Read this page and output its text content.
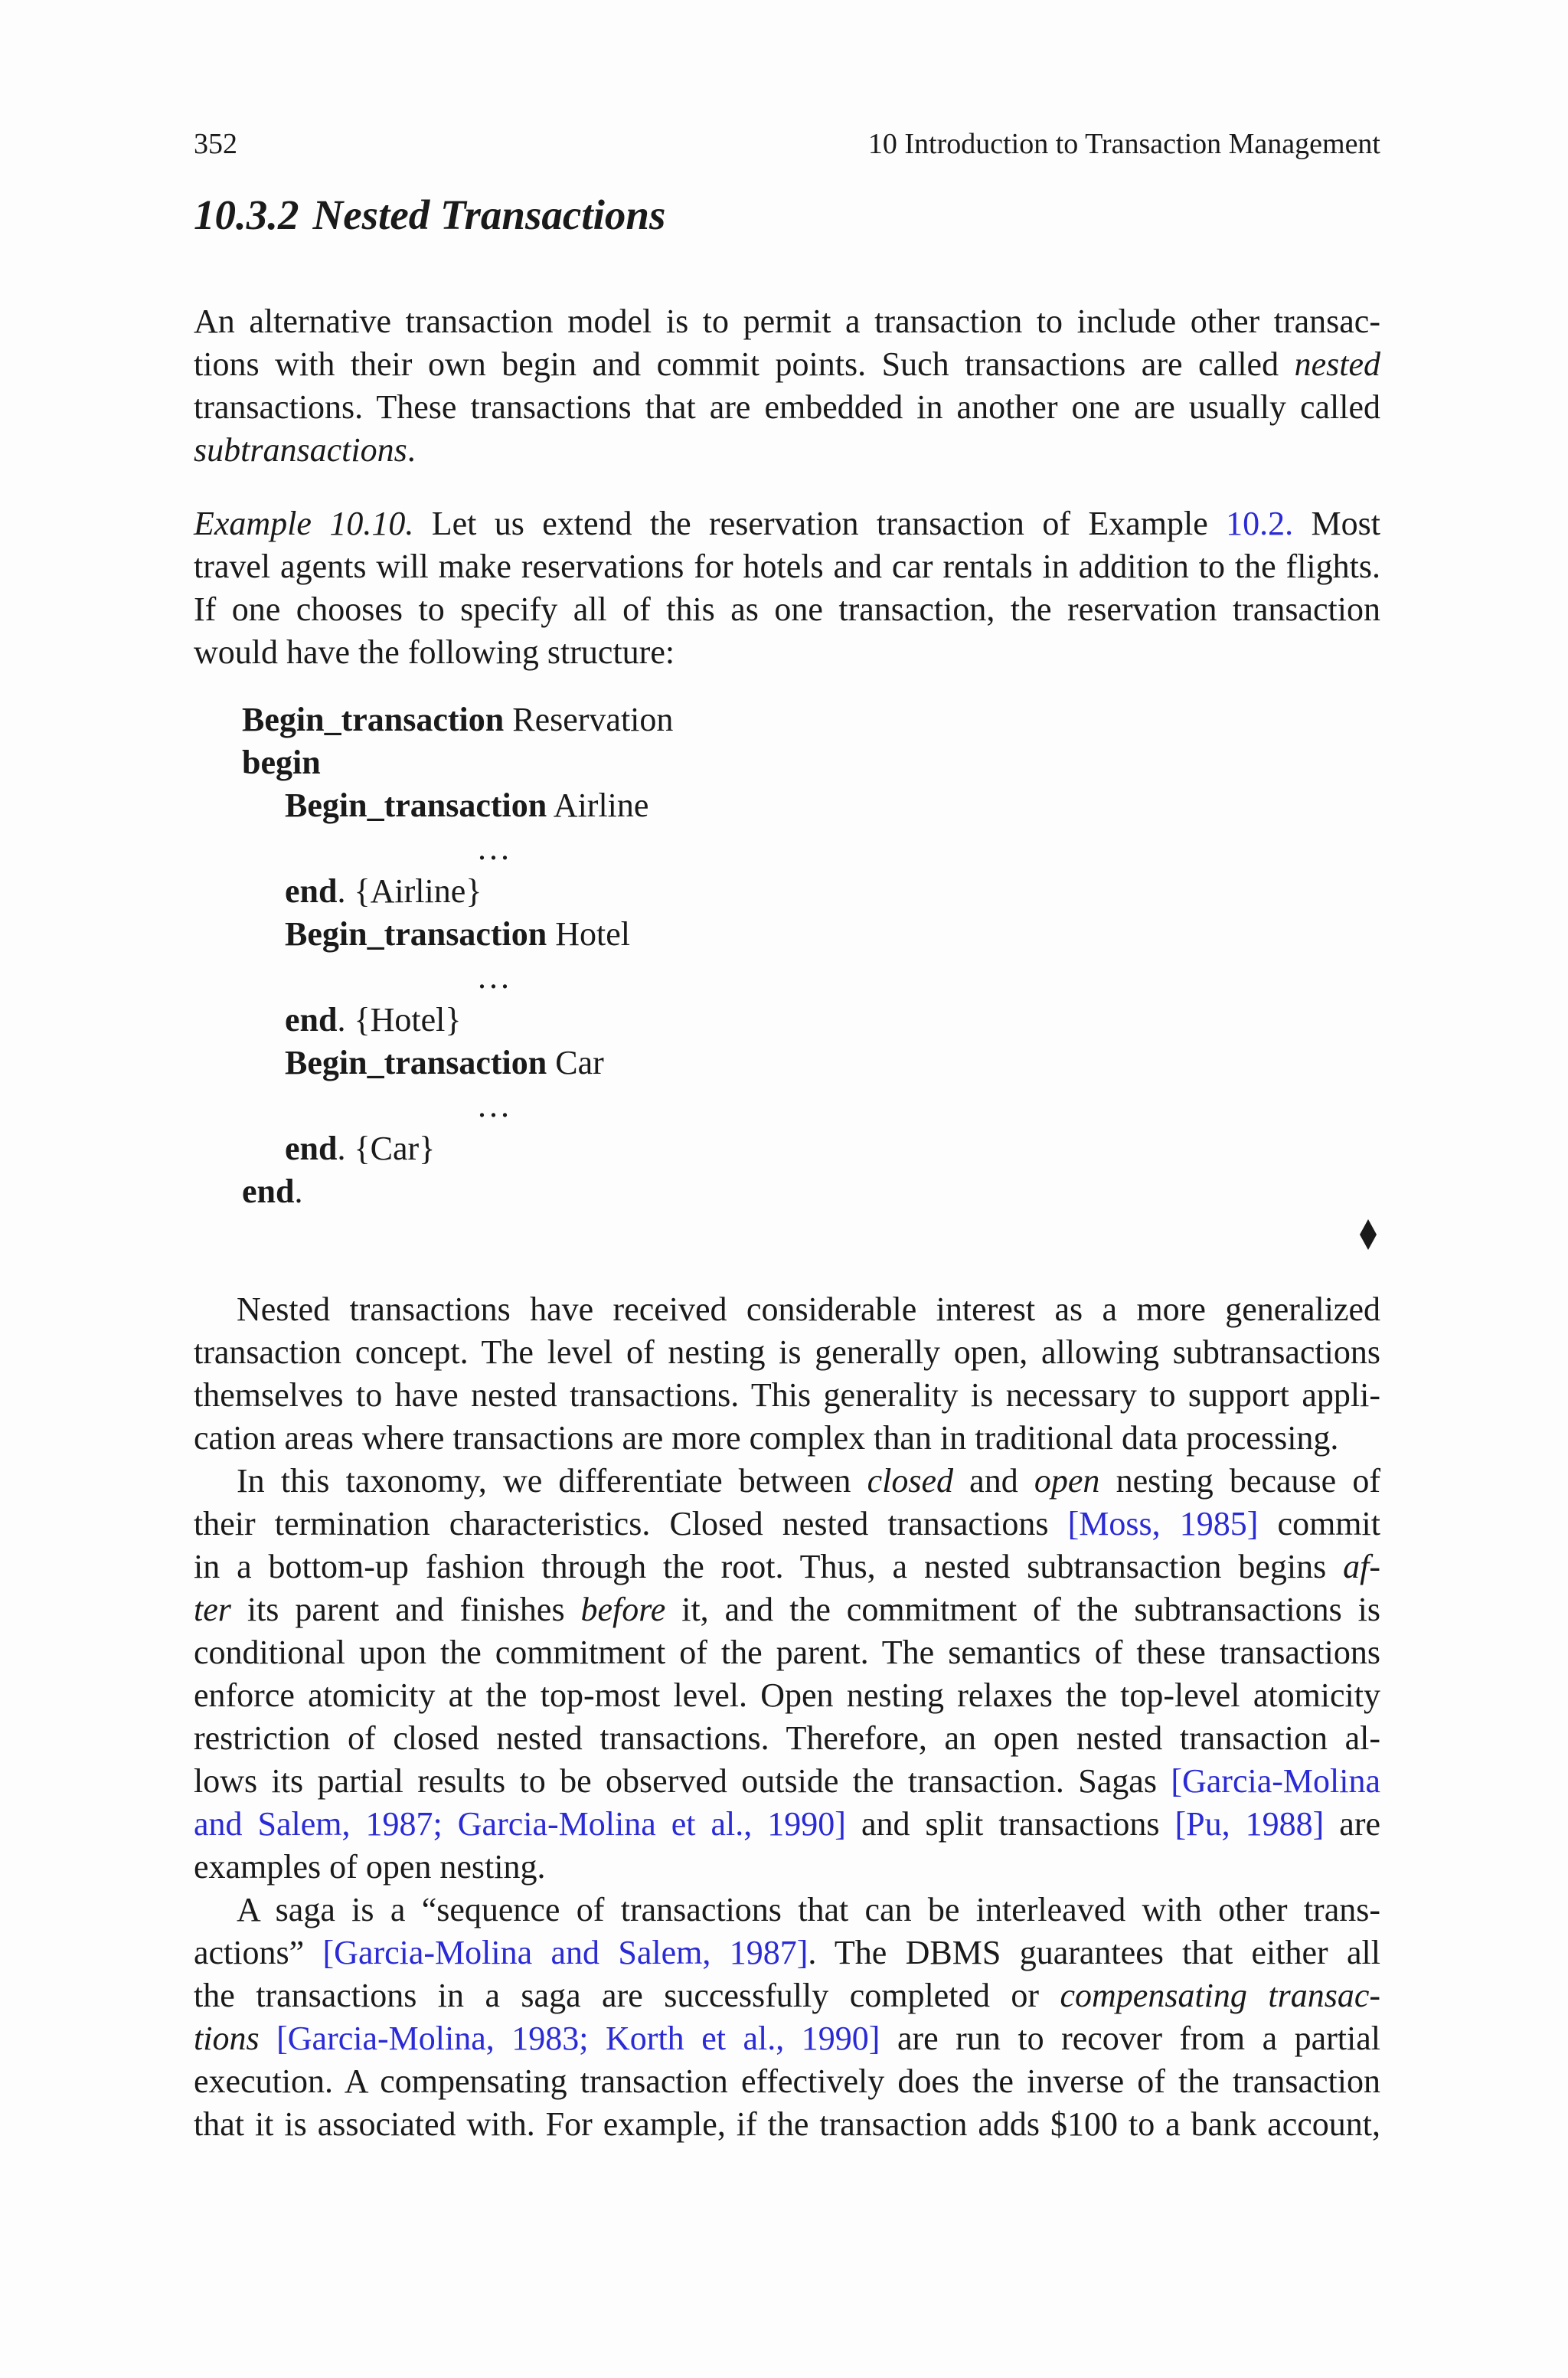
352	10 Introduction to Transaction Management
10.3.2 Nested Transactions
An alternative transaction model is to permit a transaction to include other transac-
tions with their own begin and commit points. Such transactions are called nested
transactions. These transactions that are embedded in another one are usually called
subtransactions.
Example 10.10. Let us extend the reservation transaction of Example 10.2. Most
travel agents will make reservations for hotels and car rentals in addition to the flights.
If one chooses to specify all of this as one transaction, the reservation transaction
would have the following structure:
Begin_transaction Reservation
begin
Begin_transaction Airline
...
end. {Airline}
Begin_transaction Hotel
...
end. {Hotel}
Begin_transaction Car
...
end. {Car}
end.
Nested transactions have received considerable interest as a more generalized
transaction concept. The level of nesting is generally open, allowing subtransactions
themselves to have nested transactions. This generality is necessary to support appli-
cation areas where transactions are more complex than in traditional data processing.
In this taxonomy, we differentiate between closed and open nesting because of
their termination characteristics. Closed nested transactions [Moss, 1985] commit
in a bottom-up fashion through the root. Thus, a nested subtransaction begins af-
ter its parent and finishes before it, and the commitment of the subtransactions is
conditional upon the commitment of the parent. The semantics of these transactions
enforce atomicity at the top-most level. Open nesting relaxes the top-level atomicity
restriction of closed nested transactions. Therefore, an open nested transaction al-
lows its partial results to be observed outside the transaction. Sagas [Garcia-Molina
and Salem, 1987; Garcia-Molina et al., 1990] and split transactions [Pu, 1988] are
examples of open nesting.
A saga is a “sequence of transactions that can be interleaved with other trans-
actions” [Garcia-Molina and Salem, 1987]. The DBMS guarantees that either all
the transactions in a saga are successfully completed or compensating transac-
tions [Garcia-Molina, 1983; Korth et al., 1990] are run to recover from a partial
execution. A compensating transaction effectively does the inverse of the transaction
that it is associated with. For example, if the transaction adds $100 to a bank account,
